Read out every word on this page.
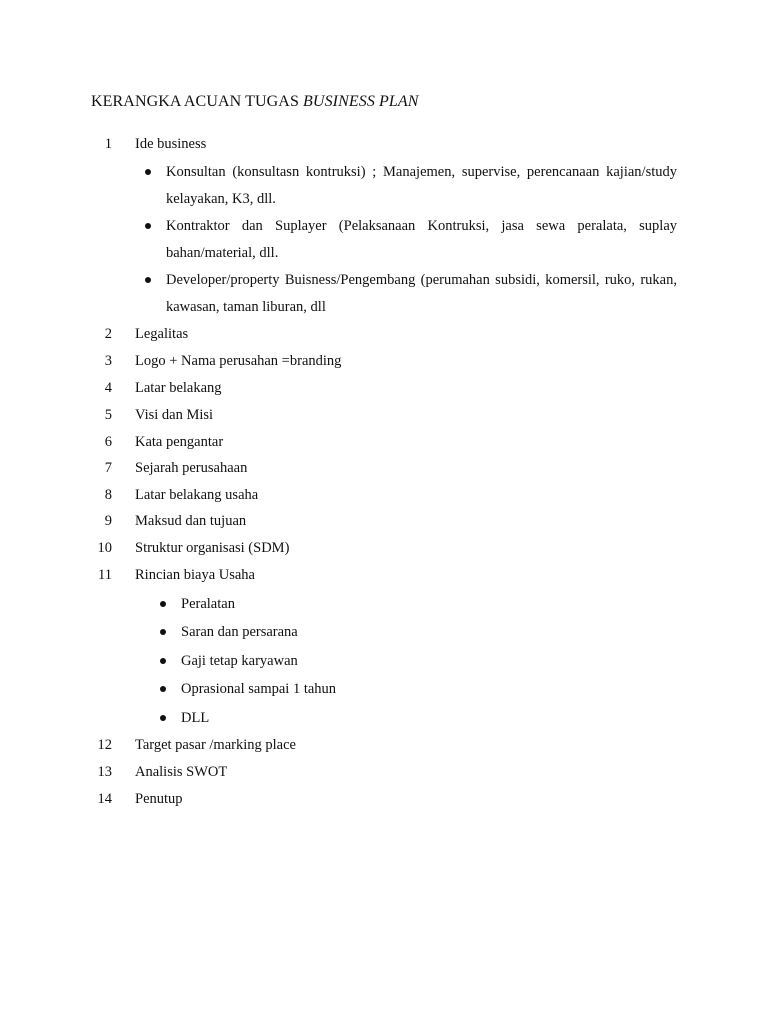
KERANGKA ACUAN TUGAS BUSINESS PLAN
1 Ide business
Konsultan (konsultasn kontruksi) ; Manajemen, supervise, perencanaan kajian/study kelayakan, K3, dll.
Kontraktor dan Suplayer (Pelaksanaan Kontruksi, jasa sewa peralata, suplay bahan/material, dll.
Developer/property Buisness/Pengembang (perumahan subsidi, komersil, ruko, rukan, kawasan, taman liburan, dll
2 Legalitas
3 Logo + Nama perusahan =branding
4 Latar belakang
5 Visi dan Misi
6 Kata pengantar
7 Sejarah perusahaan
8 Latar belakang usaha
9 Maksud dan tujuan
10 Struktur organisasi (SDM)
11 Rincian biaya Usaha
Peralatan
Saran dan persarana
Gaji tetap karyawan
Oprasional sampai 1 tahun
DLL
12 Target pasar /marking place
13 Analisis SWOT
14 Penutup
